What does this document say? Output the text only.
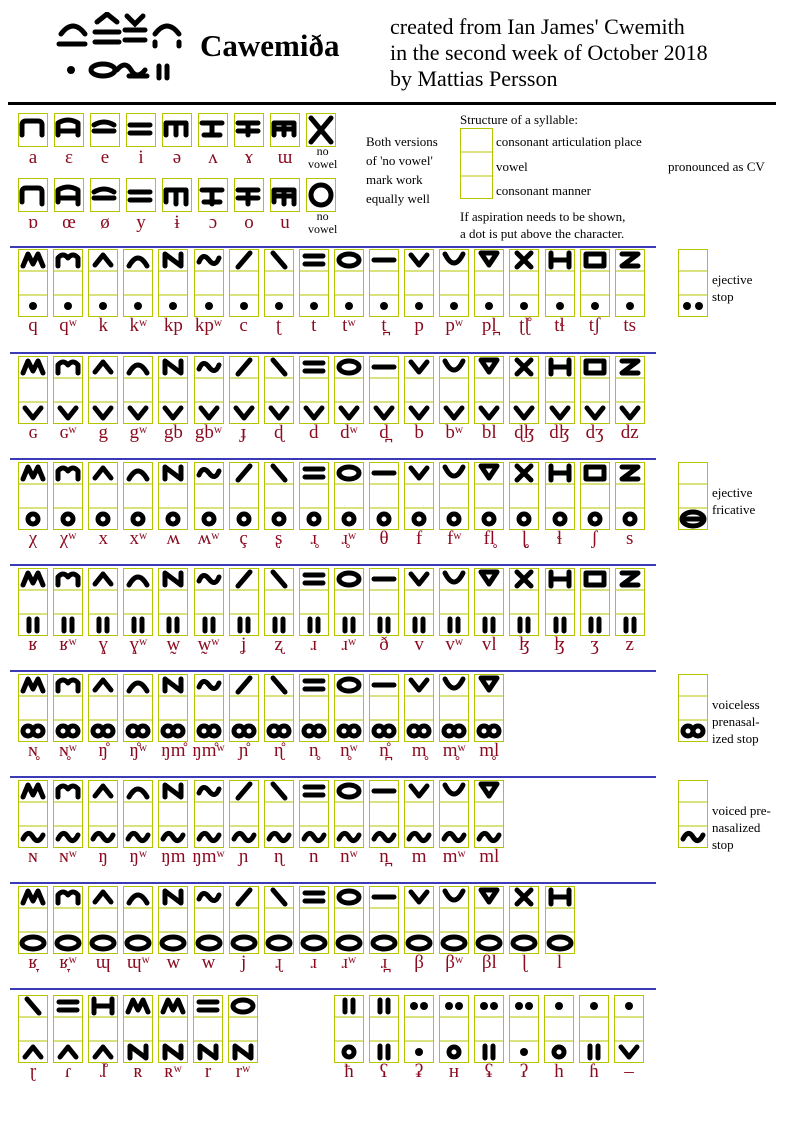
Cawemiða
created from Ian James' Cwemith
in the second week of October 2018
by Mattias Persson
a	ɛ	e	i	ə	ʌ	ɤ	ɯ	no
vowel
ɒ	œ	ø	y	ɨ	ɔ	o	u	no
vowel
Both versions
of 'no vowel'
mark work
equally well
Structure of a syllable:
consonant articulation place
vowel
consonant manner
pronounced as CV
If aspiration needs to be shown,
a dot is put above the character.
q	qʷ	k	kʷ kp kpʷ c	ʈ	t	tʷ	t̪	p	pʷ pl̪	ʈɭ̊	tɬ	tʃ	ts
ejective
stop
ɢ	ɢʷ	g	gʷ gb gbʷ ɟ	ɖ	d	dʷ	d̪	b	bʷ bl ɖɮ dɮ dʒ dz
χ	χʷ	x	xʷ	ʍ ʍʷ	ç	ʂ	ɹ̥	ɹ̥ʷ	θ	f	fʷ	fl̥	ɭ̥	ɬ	ʃ	s
ejective
fricative
ʁ	ʁʷ	ɣ	ɣʷ	w̰ w̰ʷ	ʝ	ʐ	ɹ	ɹʷ	ð	v	vʷ vl	ɮ	ɮ	ʒ	z
ɴ̥	ɴ̥ʷ	ŋ̊	ŋ̊ʷ ŋm̊ ŋm̊ʷ ɲ̊	ɳ̊	n̥	n̥ʷ	n̪̊	m̥ m̥ʷ m̥l
voiceless
prenasal-
ized stop
ɴ	ɴʷ	ŋ	ŋʷ ŋm ŋmʷ ɲ	ɳ	n	nʷ	n̪	m mʷ ml
voiced pre-
nasalized
stop
ʁ̞	ʁ̞ʷ	ɰ ɰʷ w	w	j	ɻ	ɹ	ɹʷ	ɹ̪	β	βʷ βl	ɭ	l
ɽ	ɾ	ɺ̊	ʀ	ʀʷ	r	rʷ	ħ	ʕ	ʡ	ʜ	ʢ	ʔ	h	ɦ	–
